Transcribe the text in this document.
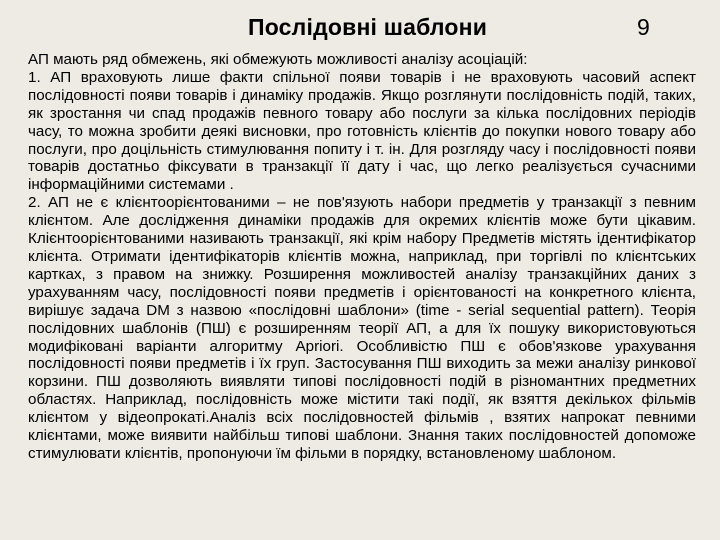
Послідовні шаблони	9

АП мають ряд обмежень, які обмежують можливості аналізу асоціацій:

1. АП враховують лише факти спільної появи товарів і не враховують часовий аспект послідовності появи товарів і динаміку продажів. Якщо розглянути послідовність подій, таких, як зростання чи спад продажів певного товару або послуги за кілька послідовних періодів часу, то можна зробити деякі висновки, про готовність клієнтів до покупки нового товару або послуги, про доцільність стимулювання попиту і т. ін. Для розгляду часу і послідовності появи товарів достатньо фіксувати в транзакції її дату і час, що легко реалізується сучасними інформаційними системами .

2. АП не є клієнтоорієнтованими – не пов'язують набори предметів у транзакції з певним клієнтом. Але дослідження динаміки продажів для окремих клієнтів може бути цікавим. Клієнтоорієнтованими називають транзакції, які крім набору Предметів містять ідентифікатор клієнта. Отримати ідентифікаторів клієнтів можна, наприклад, при торгівлі по клієнтських картках, з правом на знижку. Розширення можливостей аналізу транзакційних даних з урахуванням часу, послідовності появи предметів і орієнтованості на конкретного клієнта, вирішує задача DM з назвою «послідовні шаблони» (time - serial sequential pattern). Теорія послідовних шаблонів (ПШ) є розширенням теорії АП, а для їх пошуку використовуються модифіковані варіанти алгоритму Apriori. Особливістю ПШ є обов'язкове урахування послідовності появи предметів і їх груп. Застосування ПШ виходить за межи аналізу ринкової корзини. ПШ дозволяють виявляти типові послідовності подій в різномантних предметних областях. Наприклад, послідовність може містити такі події, як взяття декількох фільмів клієнтом у відеопрокаті.Аналіз всіх послідовностей фільмів , взятих напрокат певними клієнтами, може виявити найбільш типові шаблони. Знання таких послідовностей допоможе стимулювати клієнтів, пропонуючи їм фільми в порядку, встановленому шаблоном.
